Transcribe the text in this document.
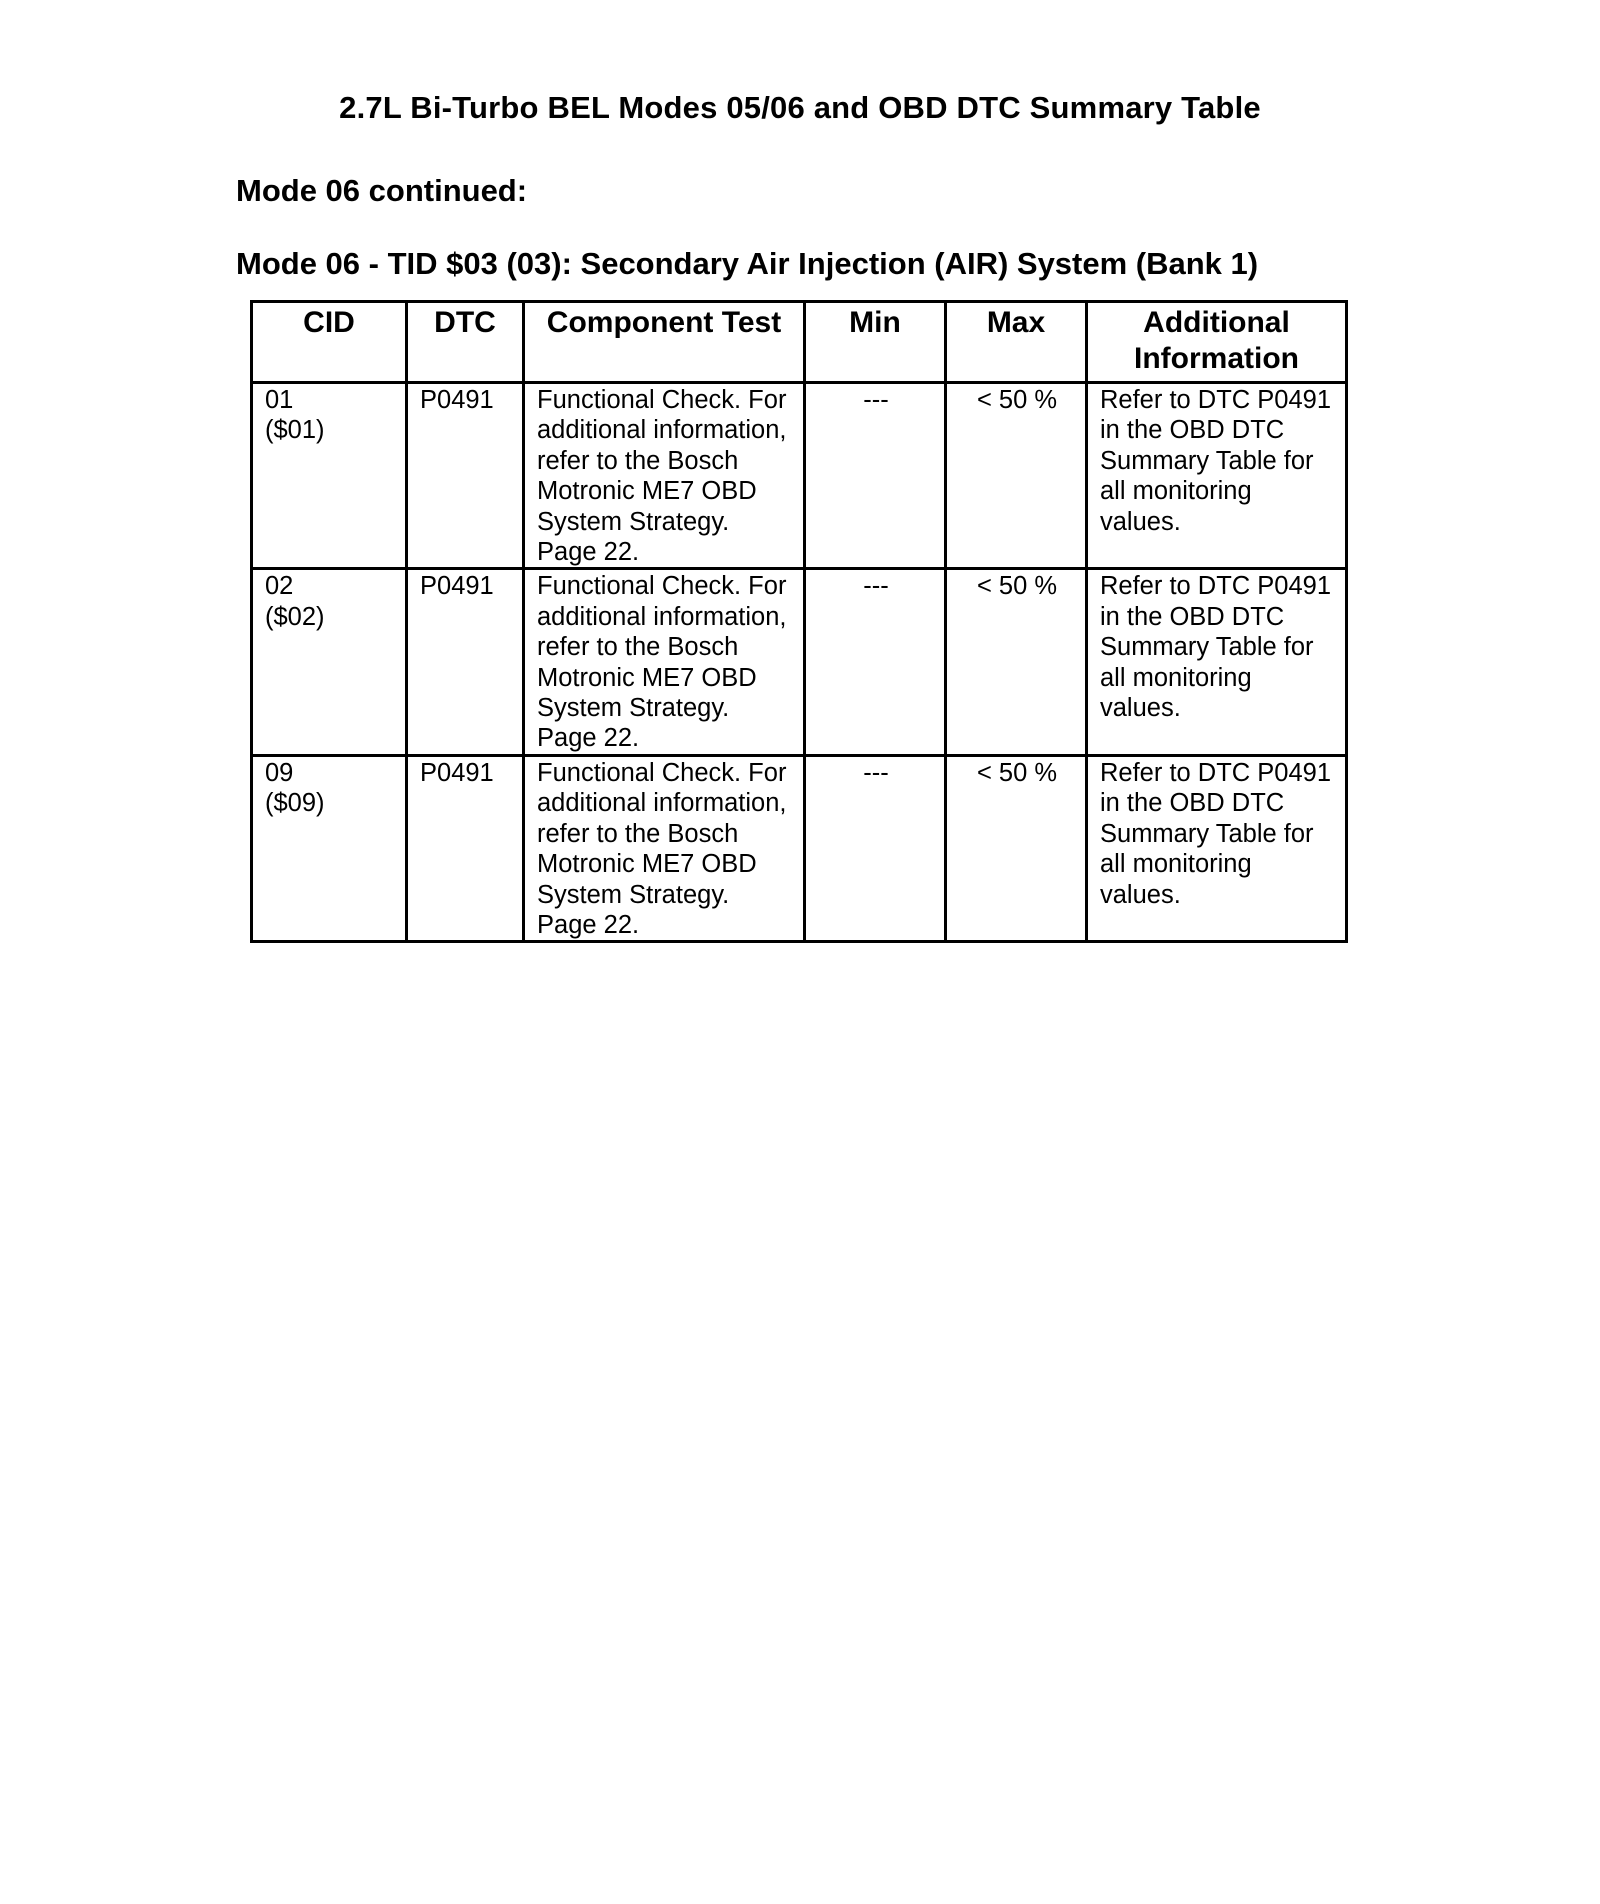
2.7L Bi-Turbo BEL Modes 05/06 and OBD DTC Summary Table
Mode 06 continued:
Mode 06 - TID $03 (03): Secondary Air Injection (AIR) System (Bank 1)
CID	DTC	Component Test	Min	Max	Additional Information

01
($01)	P0491	Functional Check. For additional information, refer to the Bosch Motronic ME7 OBD System Strategy. Page 22.	---	< 50 %	Refer to DTC P0491 in the OBD DTC Summary Table for all monitoring values.

02
($02)	P0491	Functional Check. For additional information, refer to the Bosch Motronic ME7 OBD System Strategy. Page 22.	---	< 50 %	Refer to DTC P0491 in the OBD DTC Summary Table for all monitoring values.

09
($09)	P0491	Functional Check. For additional information, refer to the Bosch Motronic ME7 OBD System Strategy. Page 22.	---	< 50 %	Refer to DTC P0491 in the OBD DTC Summary Table for all monitoring values.
